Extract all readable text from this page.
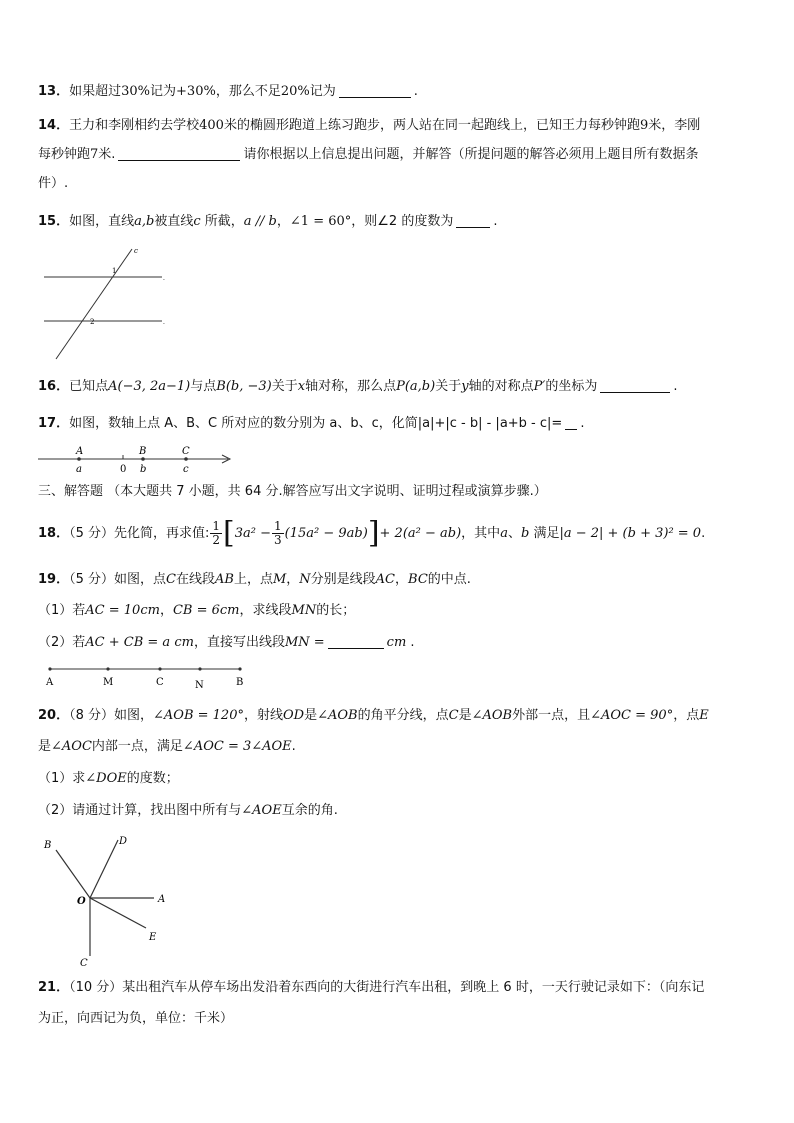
13．如果超过30%记为+30%，那么不足20%记为	.
14．王力和李刚相约去学校400米的椭圆形跑道上练习跑步，两人站在同一起跑线上，已知王力每秒钟跑9米，李刚
每秒钟跑7米.	请你根据以上信息提出问题，并解答（所提问题的解答必须用上题目所有数据条
件）.
15．如图，直线a,b被直线c 所截，a // b，∠1 = 60°，则∠2 的度数为	.
c
1
2
.
.
16．已知点A(−3, 2a−1)与点B(b, −3)关于x轴对称，那么点P(a,b)关于y轴的对称点P′的坐标为	.
17．如图，数轴上点 A、B、C 所对应的数分别为 a、b、c，化简|a|+|c - b| - |a+b - c|= .
A	B	C
a	0 b	c
三、解答题 （本大题共 7 小题，共 64 分.解答应写出文字说明、证明过程或演算步骤.）
18．（5 分）先化简，再求值: $\frac{1}{2} [3a^2 - \frac{1}{3} (15a^2 - 9ab)]+ 2(a^2 - ab)$，其中a、b 满足|a − 2| + (b + 3)² = 0.
19．（5 分）如图，点C在线段AB上，点M，N分别是线段AC，BC的中点.
（1）若AC = 10cm，CB = 6cm，求线段MN的长；
（2）若AC + CB = a cm，直接写出线段MN =	cm .
A	M	C	N	B
20．（8 分）如图，∠AOB = 120°，射线OD是∠AOB的角平分线，点C是∠AOB外部一点，且∠AOC = 90°，点E
是∠AOC内部一点，满足∠AOC = 3∠AOE.
（1）求∠DOE的度数；
（2）请通过计算，找出图中所有与∠AOE互余的角.
B	D
O	A
E
C
21．（10 分）某出租汽车从停车场出发沿着东西向的大街进行汽车出租，到晚上 6 时，一天行驶记录如下：（向东记
为正，向西记为负，单位：千米）
